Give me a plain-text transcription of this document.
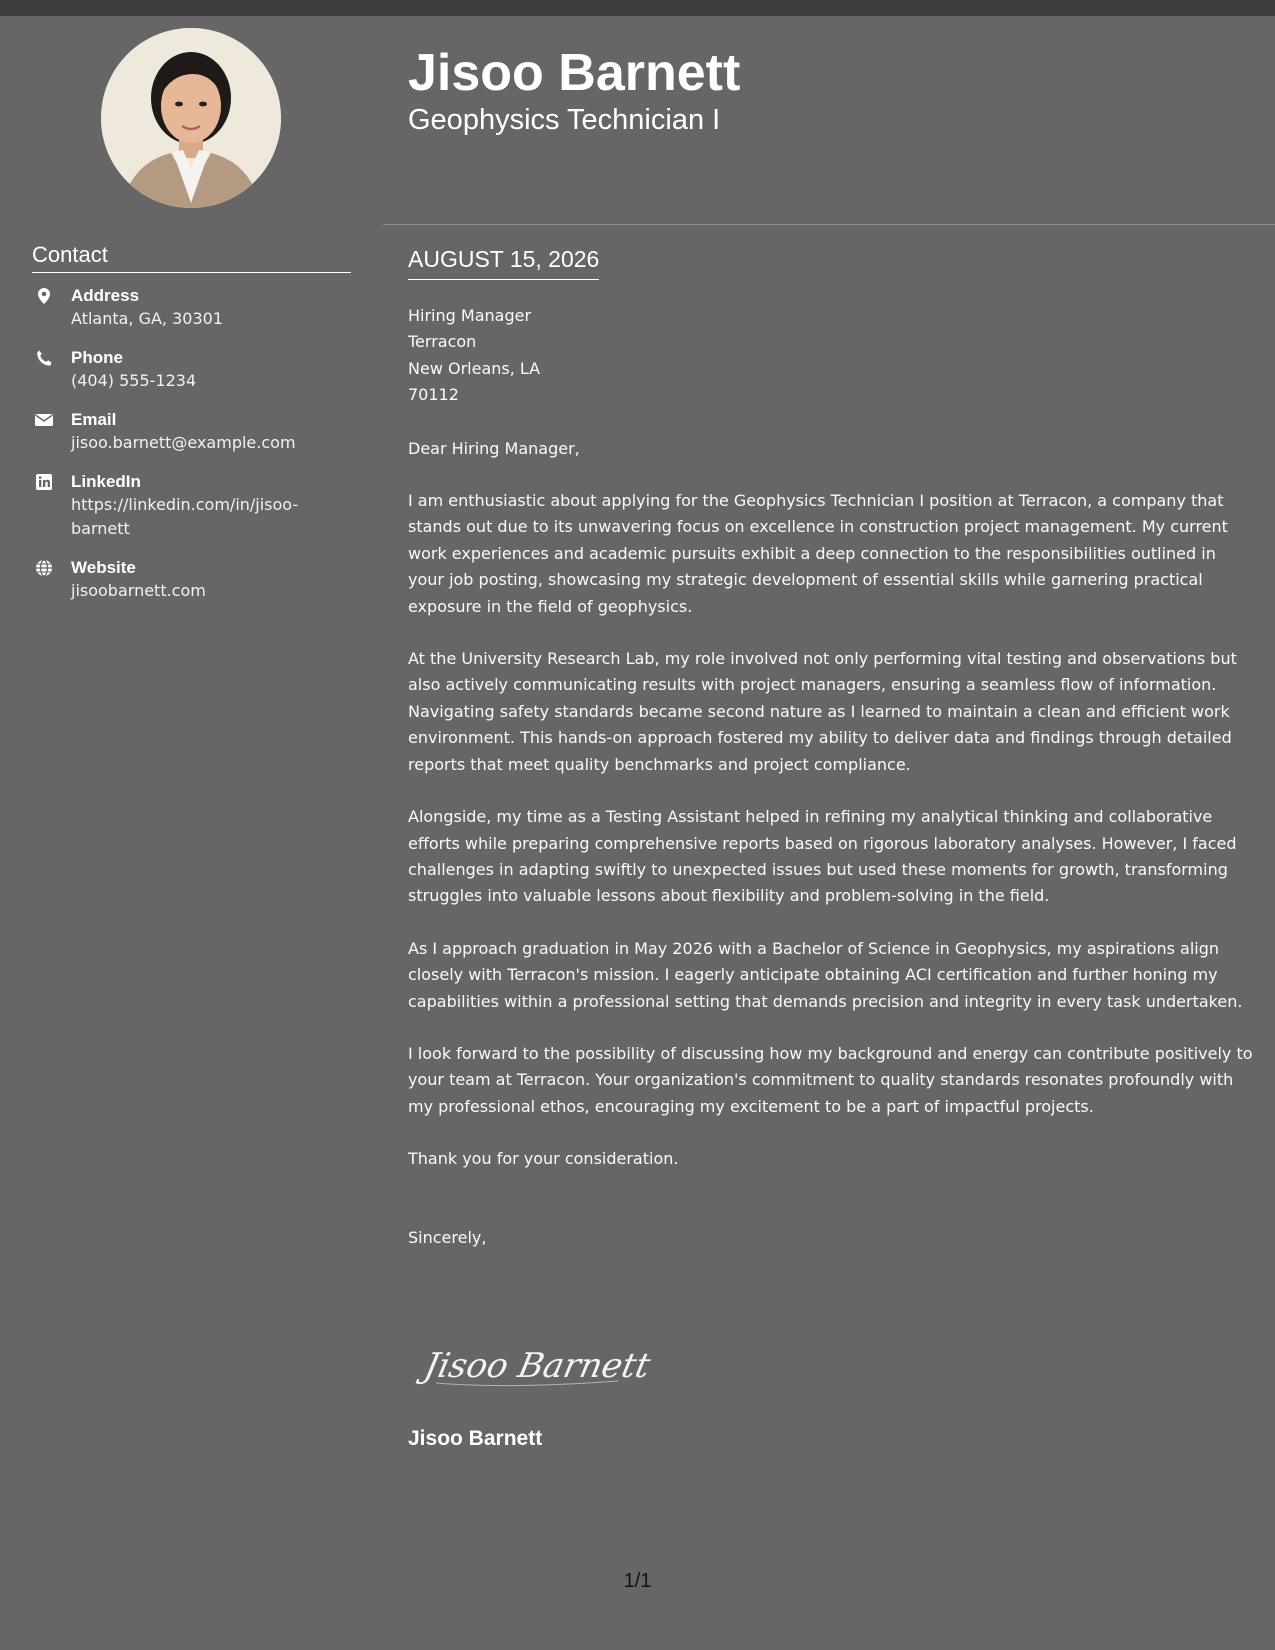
Contact
Address
Atlanta, GA, 30301
Phone
(404) 555-1234
Email
jisoo.barnett@example.com
LinkedIn
https://linkedin.com/in/jisoo-barnett
Website
jisoobarnett.com
Jisoo Barnett
Geophysics Technician I
AUGUST 15, 2026
Hiring Manager
Terracon
New Orleans, LA
70112

Dear Hiring Manager,

I am enthusiastic about applying for the Geophysics Technician I position at Terracon, a company that stands out due to its unwavering focus on excellence in construction project management. My current work experiences and academic pursuits exhibit a deep connection to the responsibilities outlined in your job posting, showcasing my strategic development of essential skills while garnering practical exposure in the field of geophysics.

At the University Research Lab, my role involved not only performing vital testing and observations but also actively communicating results with project managers, ensuring a seamless flow of information. Navigating safety standards became second nature as I learned to maintain a clean and efficient work environment. This hands-on approach fostered my ability to deliver data and findings through detailed reports that meet quality benchmarks and project compliance.

Alongside, my time as a Testing Assistant helped in refining my analytical thinking and collaborative efforts while preparing comprehensive reports based on rigorous laboratory analyses. However, I faced challenges in adapting swiftly to unexpected issues but used these moments for growth, transforming struggles into valuable lessons about flexibility and problem-solving in the field.

As I approach graduation in May 2026 with a Bachelor of Science in Geophysics, my aspirations align closely with Terracon's mission. I eagerly anticipate obtaining ACI certification and further honing my capabilities within a professional setting that demands precision and integrity in every task undertaken.

I look forward to the possibility of discussing how my background and energy can contribute positively to your team at Terracon. Your organization's commitment to quality standards resonates profoundly with my professional ethos, encouraging my excitement to be a part of impactful projects.

Thank you for your consideration.

Sincerely,
Jisoo Barnett
Jisoo Barnett
1/1
